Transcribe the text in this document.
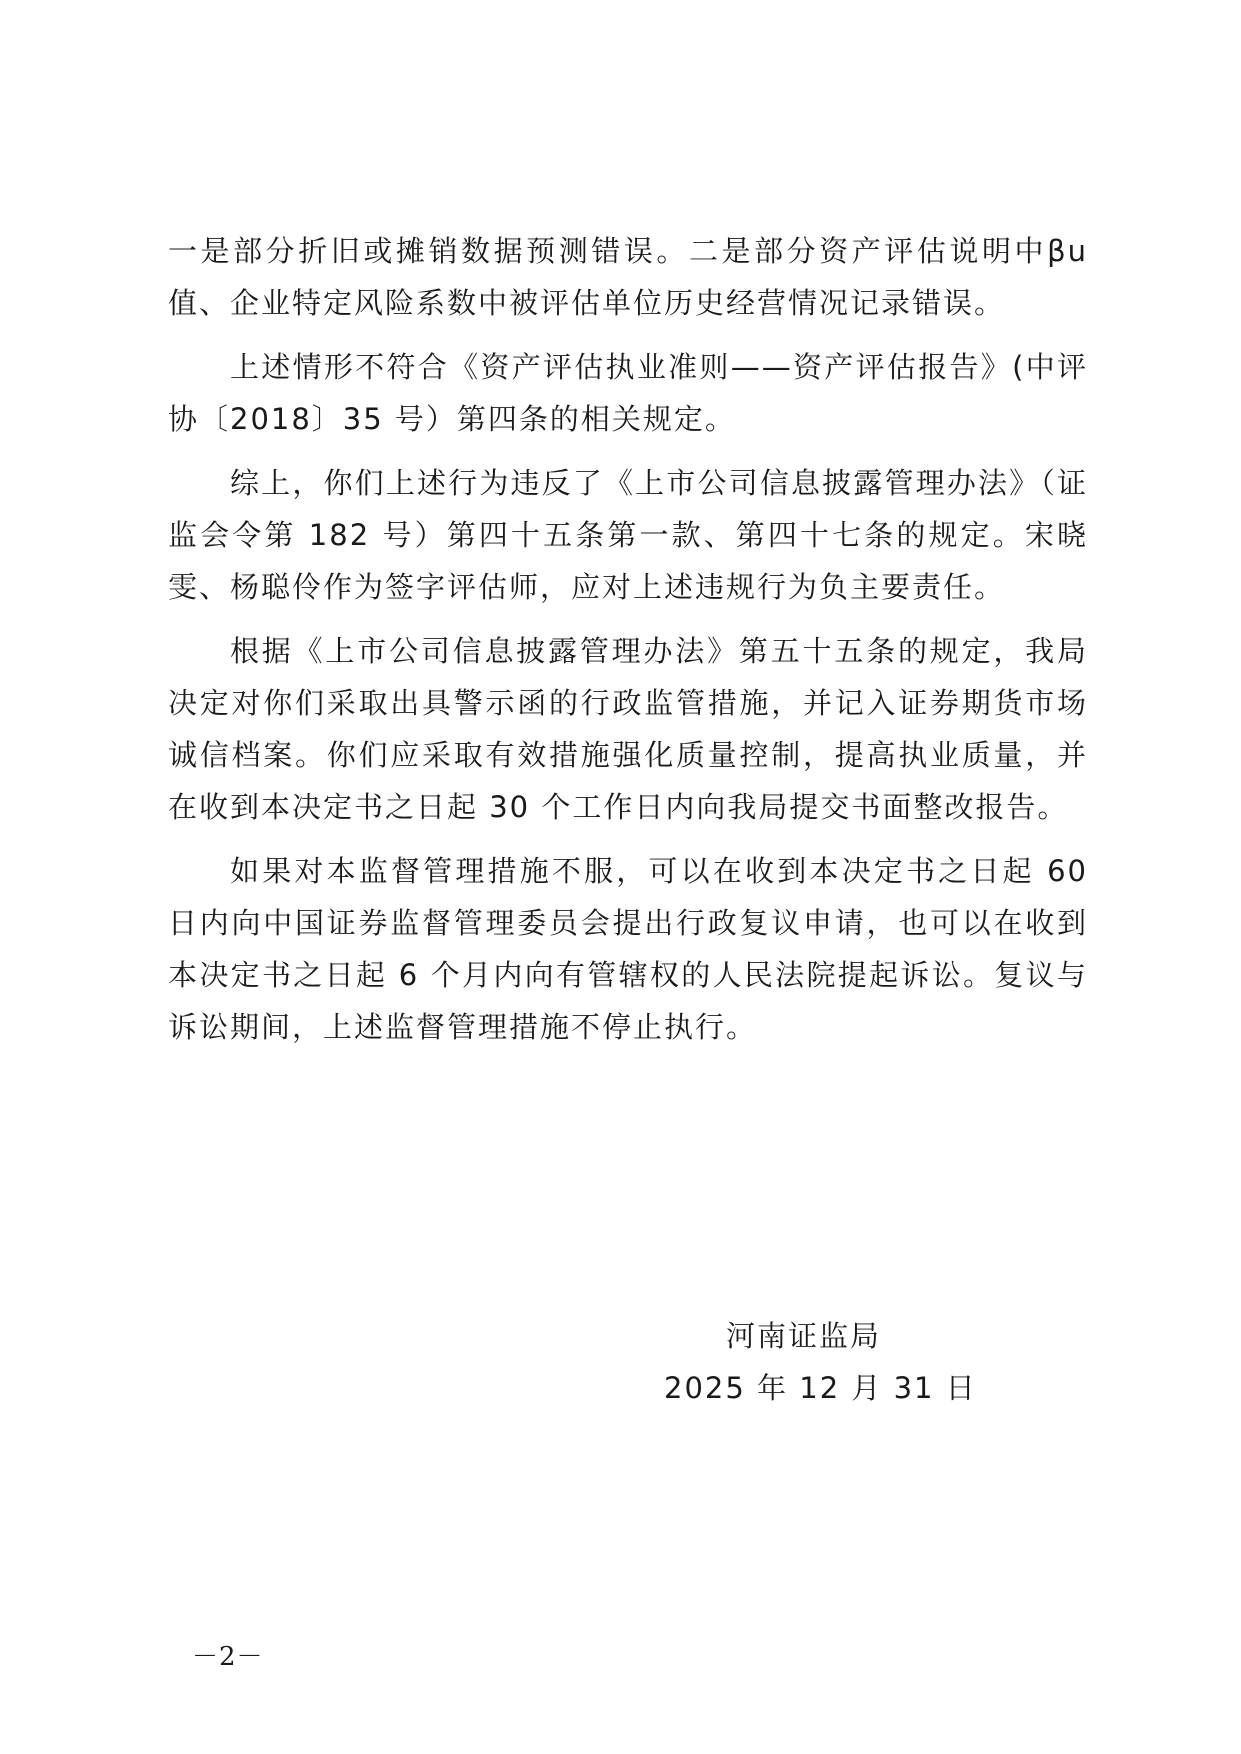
一是部分折旧或摊销数据预测错误。二是部分资产评估说明中βu 值、企业特定风险系数中被评估单位历史经营情况记录错误。

上述情形不符合《资产评估执业准则——资产评估报告》(中评协〔2018〕35 号）第四条的相关规定。

综上，你们上述行为违反了《上市公司信息披露管理办法》（证监会令第 182 号）第四十五条第一款、第四十七条的规定。宋晓雯、杨聪伶作为签字评估师，应对上述违规行为负主要责任。

根据《上市公司信息披露管理办法》第五十五条的规定，我局决定对你们采取出具警示函的行政监管措施，并记入证券期货市场诚信档案。你们应采取有效措施强化质量控制，提高执业质量，并在收到本决定书之日起 30 个工作日内向我局提交书面整改报告。

如果对本监督管理措施不服，可以在收到本决定书之日起 60 日内向中国证券监督管理委员会提出行政复议申请，也可以在收到本决定书之日起 6 个月内向有管辖权的人民法院提起诉讼。复议与诉讼期间，上述监督管理措施不停止执行。

河南证监局
2025 年 12 月 31 日
－2－
